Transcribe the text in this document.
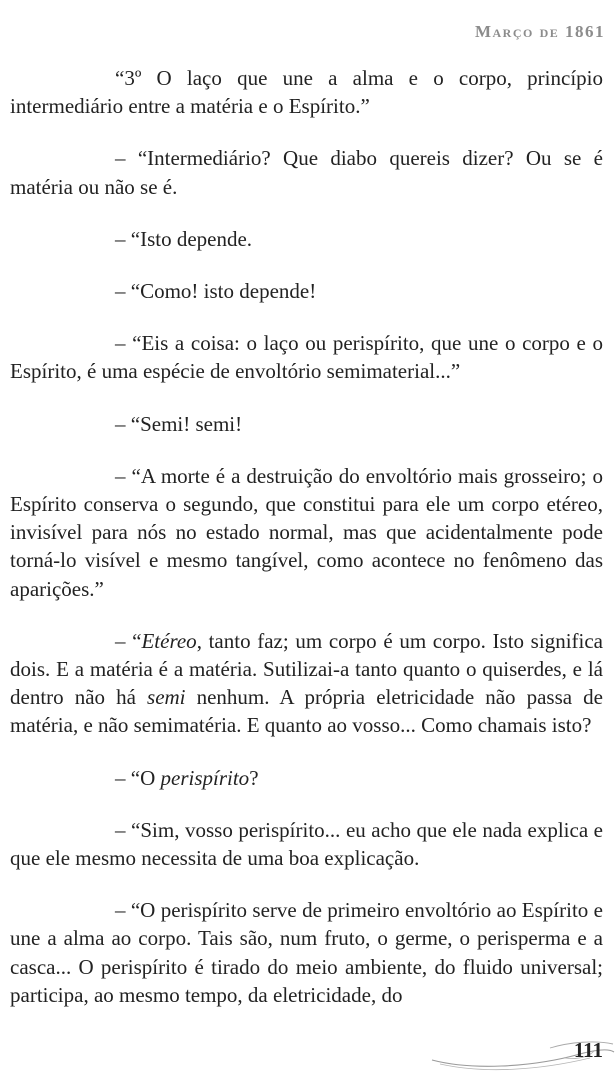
Março de 1861

“3º O laço que une a alma e o corpo, princípio intermediário entre a matéria e o Espírito.”

– “Intermediário? Que diabo quereis dizer? Ou se é matéria ou não se é.

– “Isto depende.

– “Como! isto depende!

– “Eis a coisa: o laço ou perispírito, que une o corpo e o Espírito, é uma espécie de envoltório semimaterial...”

– “Semi! semi!

– “A morte é a destruição do envoltório mais grosseiro; o Espírito conserva o segundo, que constitui para ele um corpo etéreo, invisível para nós no estado normal, mas que acidentalmente pode torná-lo visível e mesmo tangível, como acontece no fenômeno das aparições.”

– “Etéreo, tanto faz; um corpo é um corpo. Isto significa dois. E a matéria é a matéria. Sutilizai-a tanto quanto o quiserdes, e lá dentro não há semi nenhum. A própria eletricidade não passa de matéria, e não semimatéria. E quanto ao vosso... Como chamais isto?

– “O perispírito?

– “Sim, vosso perispírito... eu acho que ele nada explica e que ele mesmo necessita de uma boa explicação.

– “O perispírito serve de primeiro envoltório ao Espírito e une a alma ao corpo. Tais são, num fruto, o germe, o perisperma e a casca... O perispírito é tirado do meio ambiente, do fluido universal; participa, ao mesmo tempo, da eletricidade, do

111
